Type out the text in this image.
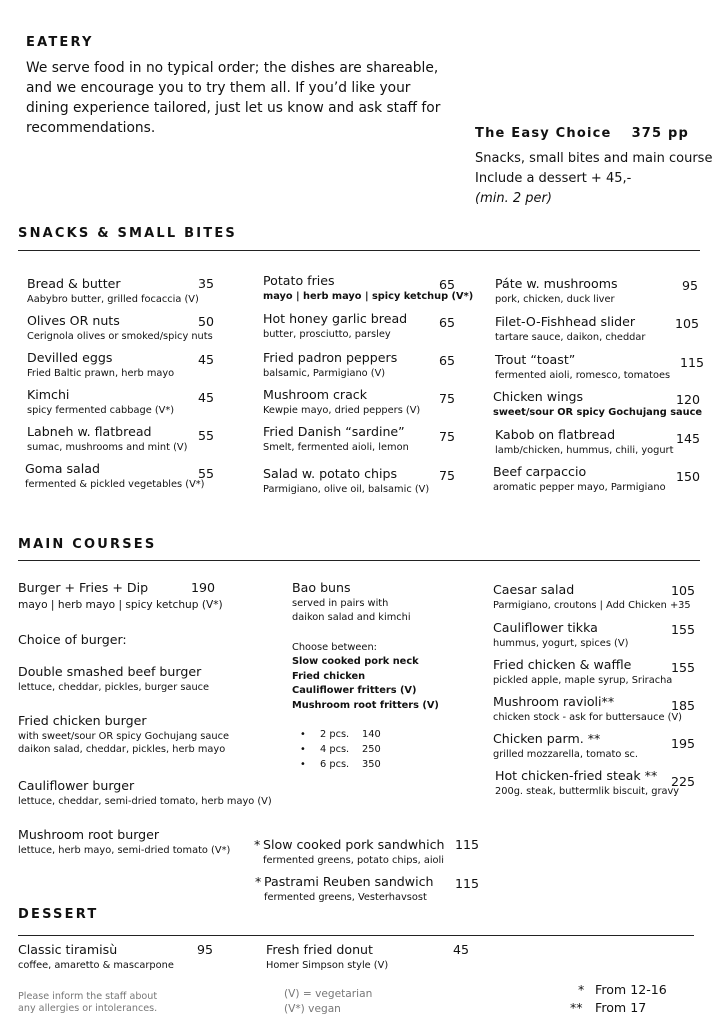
EATERY
We serve food in no typical order; the dishes are shareable, and we encourage you to try them all. If you’d like your dining experience tailored, just let us know and ask staff for recommendations.	The Easy Choice 375 pp
Snacks, small bites and main course
Include a dessert + 45,-
(min. 2 per)
SNACKS & SMALL BITES
Bread & butter
Aabybro butter, grilled focaccia (V)
35
Olives OR nuts
Cerignola olives or smoked/spicy nuts
50
Devilled eggs
Fried Baltic prawn, herb mayo
45
Kimchi
spicy fermented cabbage (V*)
45
Labneh w. flatbread
sumac, mushrooms and mint (V)
55
Goma salad
fermented & pickled vegetables (V*)
55
Potato fries
mayo | herb mayo | spicy ketchup (V*)
65
Hot honey garlic bread
butter, prosciutto, parsley
65
Fried padron peppers
balsamic, Parmigiano (V)
65
Mushroom crack
Kewpie mayo, dried peppers (V)
75
Fried Danish “sardine”
Smelt, fermented aioli, lemon
75
Salad w. potato chips
Parmigiano, olive oil, balsamic (V)
75
Páte w. mushrooms
pork, chicken, duck liver
95
Filet-O-Fishhead slider
tartare sauce, daikon, cheddar
105
Trout “toast”
fermented aioli, romesco, tomatoes
115
Chicken wings
sweet/sour OR spicy Gochujang sauce
120
Kabob on flatbread
lamb/chicken, hummus, chili, yogurt
145
Beef carpaccio
aromatic pepper mayo, Parmigiano
150
MAIN COURSES
Burger + Fries + Dip	190
mayo | herb mayo | spicy ketchup (V*)
Choice of burger:
Double smashed beef burger
lettuce, cheddar, pickles, burger sauce
Fried chicken burger
with sweet/sour OR spicy Gochujang sauce
daikon salad, cheddar, pickles, herb mayo
Cauliflower burger
lettuce, cheddar, semi-dried tomato, herb mayo (V)
Mushroom root burger
lettuce, herb mayo, semi-dried tomato (V*)
Bao buns
served in pairs with
daikon salad and kimchi
Choose between:
Slow cooked pork neck
Fried chicken
Cauliflower fritters (V)
Mushroom root fritters (V)
• 2 pcs. 140
• 4 pcs. 250
• 6 pcs. 350
* Slow cooked pork sandwhich
fermented greens, potato chips, aioli
115
* Pastrami Reuben sandwich
fermented greens, Vesterhavsost
115
Caesar salad
Parmigiano, croutons | Add Chicken +35
105
Cauliflower tikka
hummus, yogurt, spices (V)
155
Fried chicken & waffle
pickled apple, maple syrup, Sriracha
155
Mushroom ravioli**
chicken stock - ask for buttersauce (V)
185
Chicken parm. **
grilled mozzarella, tomato sc.
195
Hot chicken-fried steak **
200g. steak, buttermlik biscuit, gravy
225
DESSERT
Classic tiramisù
coffee, amaretto & mascarpone
95	Fresh fried donut
Homer Simpson style (V)
45
Please inform the staff about
any allergies or intolerances.
(V) = vegetarian
(V*) vegan
* From 12-16
** From 17
